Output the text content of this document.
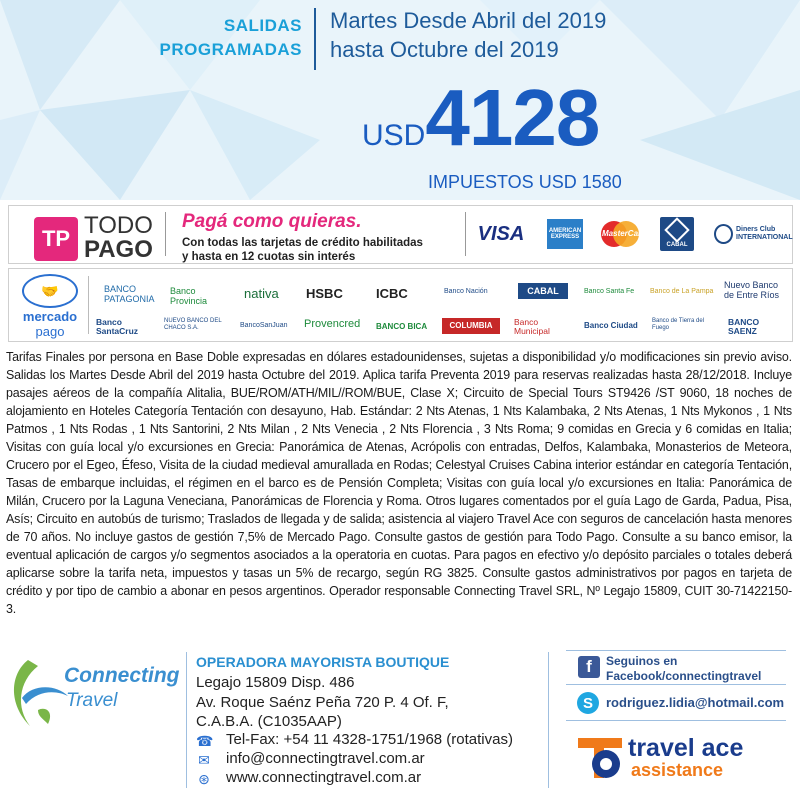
SALIDAS
PROGRAMADAS
Martes Desde Abril del 2019
hasta Octubre del 2019
USD4128
IMPUESTOS USD 1580
TP TODO
PAGO
Pagá como quieras.
Con todas las tarjetas de crédito habilitadas
y hasta en 12 cuotas sin interés
VISA	AMERICAN EXPRESS	MasterCard
CABAL
Diners Club INTERNATIONAL
🤝
mercado
pago
BANCO PATAGONIA
Banco Provincia	nativa HSBC	ICBC	Banco Nación	CABAL	Banco Santa Fe Banco de La Pampa
Nuevo Banco de Entre Ríos
Banco SantaCruz
NUEVO BANCO DEL CHACO S.A.	BancoSanJuan Provencred BANCO BICA	COLUMBIA	Banco Municipal
Banco Ciudad Banco de Tierra del Fuego
BANCO SAENZ
Tarifas Finales por persona en Base Doble expresadas en dólares estadounidenses, sujetas a disponibilidad y/o modificaciones sin previo aviso. Salidas los Martes Desde Abril del 2019 hasta Octubre del 2019. Aplica tarifa Preventa 2019 para reservas realizadas hasta 28/12/2018. Incluye pasajes aéreos de la compañía Alitalia, BUE/ROM/ATH/MIL//ROM/BUE, Clase X; Circuito de Special Tours ST9426 /ST 9060, 18 noches de alojamiento en Hoteles Categoría Tentación con desayuno, Hab. Estándar: 2 Nts Atenas, 1 Nts Kalambaka, 2 Nts Atenas, 1 Nts Mykonos , 1 Nts Patmos , 1 Nts Rodas , 1 Nts Santorini, 2 Nts Milan , 2 Nts Venecia , 2 Nts Florencia , 3 Nts Roma; 9 comidas en Grecia y 6 comidas en Italia; Visitas con guía local y/o excursiones en Grecia: Panorámica de Atenas, Acrópolis con entradas, Delfos, Kalambaka, Monasterios de Meteora, Crucero por el Egeo, Éfeso, Visita de la ciudad medieval amurallada en Rodas; Celestyal Cruises Cabina interior estándar en categoría Tentación, Tasas de embarque incluidas, el régimen en el barco es de Pensión Completa; Visitas con guía local y/o excursiones en Italia: Panorámica de Milán, Crucero por la Laguna Veneciana, Panorámicas de Florencia y Roma. Otros lugares comentados por el guía Lago de Garda, Padua, Pisa, Asís; Circuito en autobús de turismo; Traslados de llegada y de salida; asistencia al viajero Travel Ace con seguros de cancelación hasta menores de 70 años. No incluye gastos de gestión 7,5% de Mercado Pago. Consulte gastos de gestión para Todo Pago. Consulte a su banco emisor, la eventual aplicación de cargos y/o segmentos asociados a la operatoria en cuotas. Para pagos en efectivo y/o depósito parciales o totales deberá aplicarse sobre la tarifa neta, impuestos y tasas un 5% de recargo, según RG 3825. Consulte gastos administrativos por pagos en tarjeta de crédito y por tipo de cambio a abonar en pesos argentinos. Operador responsable Connecting Travel SRL, Nº Legajo 15809, CUIT 30-71422150-3.
Connecting
Travel
OPERADORA MAYORISTA BOUTIQUE
Legajo 15809 Disp. 486
Av. Roque Saénz Peña 720 P. 4 Of. F,
C.A.B.A. (C1035AAP)
☎ Tel-Fax: +54 11 4328-1751/1968 (rotativas)
✉ info@connectingtravel.com.ar
⊛ www.connectingtravel.com.ar
f	Seguinos en
Facebook/connectingtravel
S	rodriguez.lidia@hotmail.com
travel ace
assistance
